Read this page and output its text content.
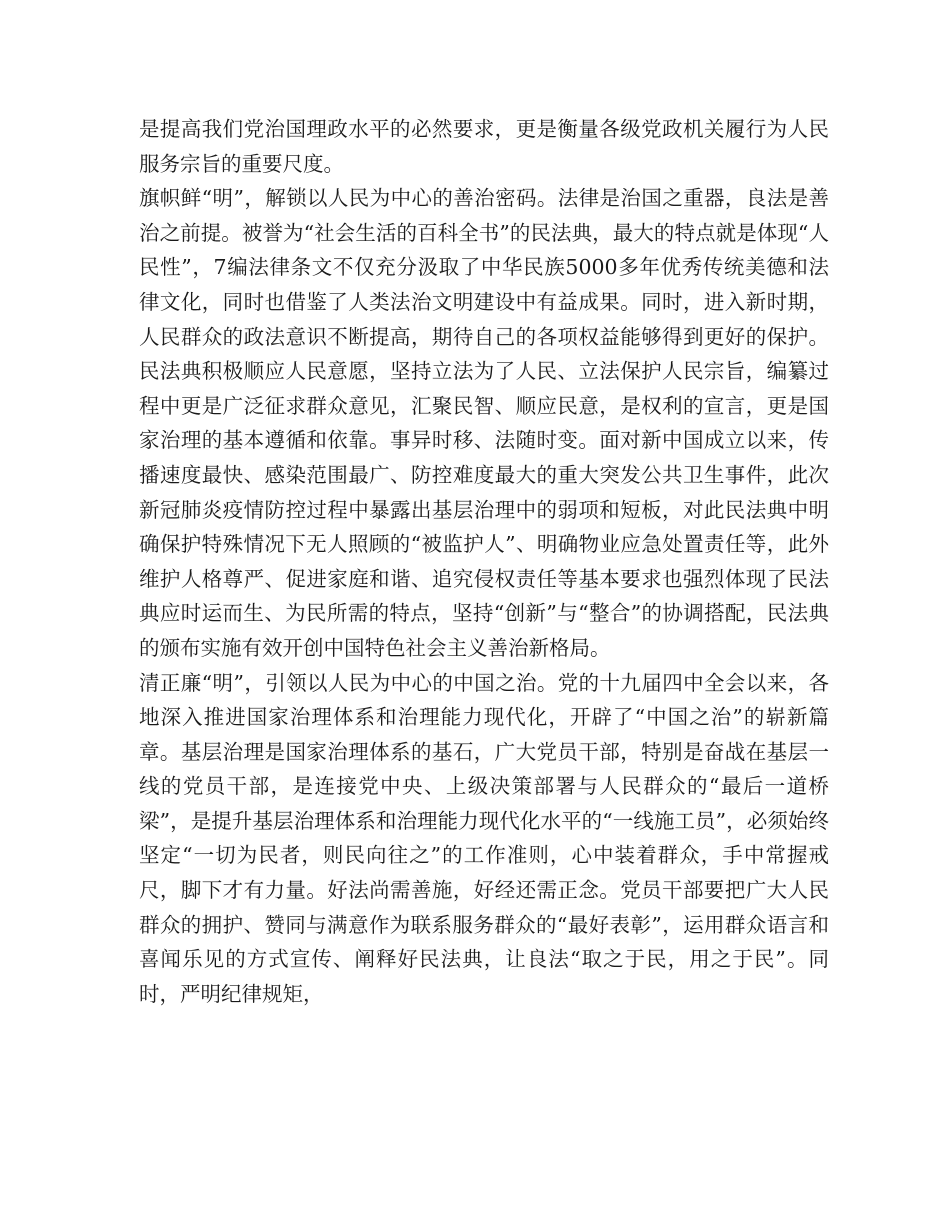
是提高我们党治国理政水平的必然要求，更是衡量各级党政机关履行为人民服务宗旨的重要尺度。

旗帜鲜“明”，解锁以人民为中心的善治密码。法律是治国之重器，良法是善治之前提。被誉为“社会生活的百科全书”的民法典，最大的特点就是体现“人民性”，7编法律条文不仅充分汲取了中华民族5000多年优秀传统美德和法律文化，同时也借鉴了人类法治文明建设中有益成果。同时，进入新时期，人民群众的政法意识不断提高，期待自己的各项权益能够得到更好的保护。民法典积极顺应人民意愿，坚持立法为了人民、立法保护人民宗旨，编纂过程中更是广泛征求群众意见，汇聚民智、顺应民意，是权利的宣言，更是国家治理的基本遵循和依靠。事异时移、法随时变。面对新中国成立以来，传播速度最快、感染范围最广、防控难度最大的重大突发公共卫生事件，此次新冠肺炎疫情防控过程中暴露出基层治理中的弱项和短板，对此民法典中明确保护特殊情况下无人照顾的“被监护人”、明确物业应急处置责任等，此外维护人格尊严、促进家庭和谐、追究侵权责任等基本要求也强烈体现了民法典应时运而生、为民所需的特点，坚持“创新”与“整合”的协调搭配，民法典的颁布实施有效开创中国特色社会主义善治新格局。

清正廉“明”，引领以人民为中心的中国之治。党的十九届四中全会以来，各地深入推进国家治理体系和治理能力现代化，开辟了“中国之治”的崭新篇章。基层治理是国家治理体系的基石，广大党员干部，特别是奋战在基层一线的党员干部，是连接党中央、上级决策部署与人民群众的“最后一道桥梁”，是提升基层治理体系和治理能力现代化水平的“一线施工员”，必须始终坚定“一切为民者，则民向往之”的工作准则，心中装着群众，手中常握戒尺，脚下才有力量。好法尚需善施，好经还需正念。党员干部要把广大人民群众的拥护、赞同与满意作为联系服务群众的“最好表彰”，运用群众语言和喜闻乐见的方式宣传、阐释好民法典，让良法“取之于民，用之于民”。同时，严明纪律规矩，
